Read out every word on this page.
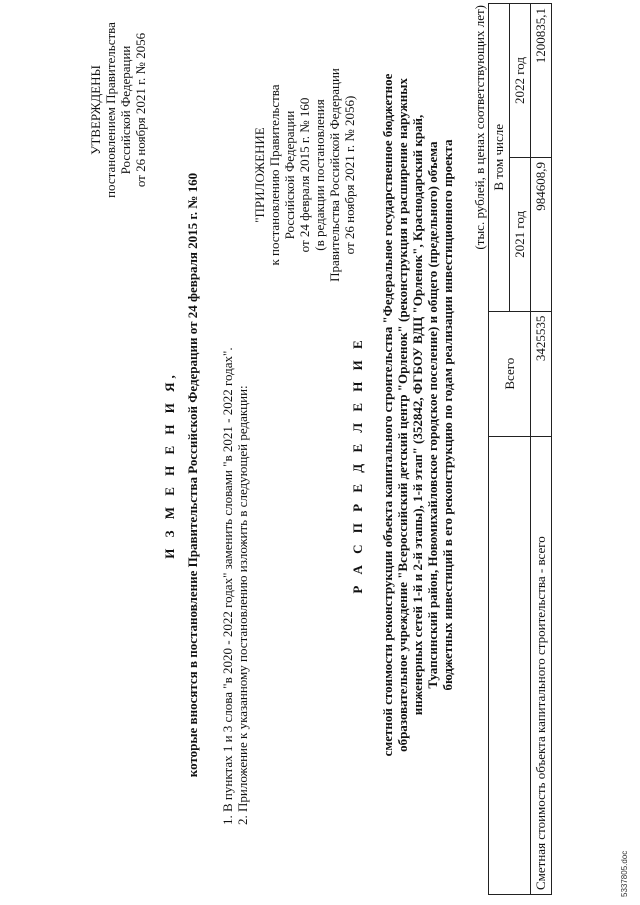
УТВЕРЖДЕНЫ постановлением Правительства Российской Федерации от 26 ноября 2021 г. № 2056
И З М Е Н Е Н И Я, которые вносятся в постановление Правительства Российской Федерации от 24 февраля 2015 г. № 160 1. В пунктах 1 и 3 слова "в 2020 - 2022 годах" заменить словами "в 2021 - 2022 годах". 2. Приложение к указанному постановлению изложить в следующей редакции:
"ПРИЛОЖЕНИЕ к постановлению Правительства Российской Федерации от 24 февраля 2015 г. № 160 (в редакции постановления Правительства Российской Федерации от 26 ноября 2021 г. № 2056)
Р А С П Р Е Д Е Л Е Н И Е сметной стоимости реконструкции объекта капитального строительства "Федеральное государственное бюджетное образовательное учреждение "Всероссийский детский центр "Орленок" (реконструкция и расширение наружных инженерных сетей 1-й и 2-й этапы), 1-й этап" (352842, ФГБОУ ВДЦ "Орленок", Краснодарский край, Туапсинский район, Новомихайловское городское поселение) и общего (предельного) объема бюджетных инвестиций в его реконструкцию по годам реализации инвестиционного проекта
(тыс. рублей, в ценах соответствующих лет)
	Всего	В том числе	
		2021 год	2022 год
Сметная стоимость объекта капитального строительства - всего	3425535	984608,9	1200835,1
5337805.doc
